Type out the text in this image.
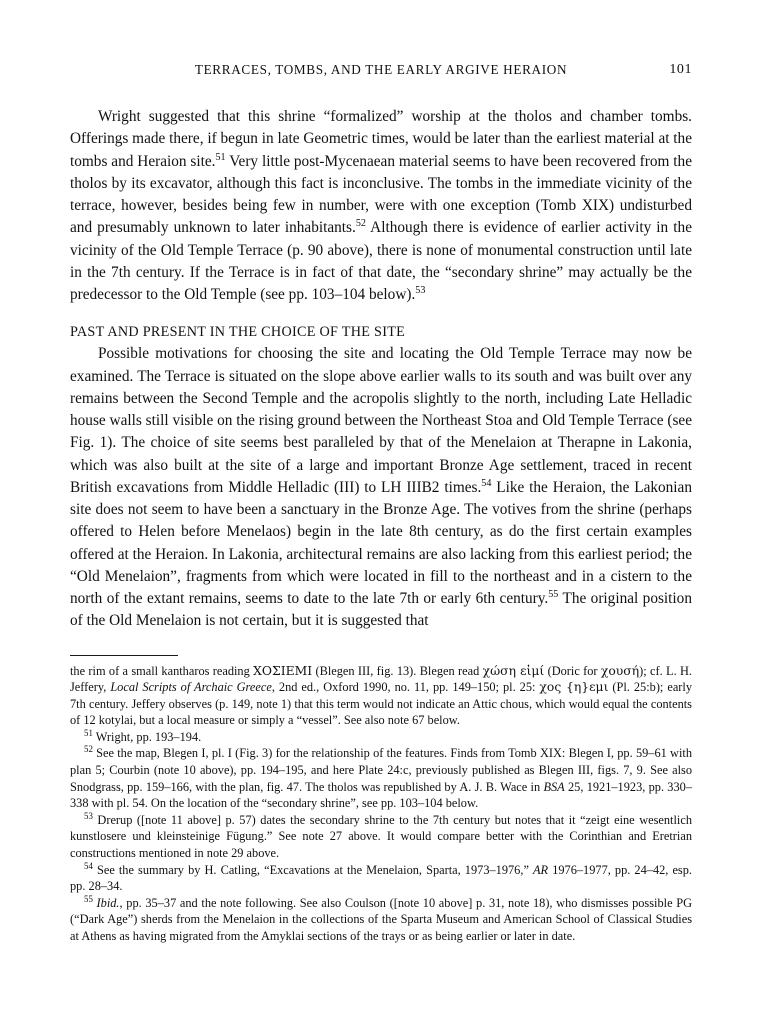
TERRACES, TOMBS, AND THE EARLY ARGIVE HERAION	101

Wright suggested that this shrine “formalized” worship at the tholos and chamber tombs. Offerings made there, if begun in late Geometric times, would be later than the earliest material at the tombs and Heraion site.$^{51}$ Very little post-Mycenaean material seems to have been recovered from the tholos by its excavator, although this fact is inconclusive. The tombs in the immediate vicinity of the terrace, however, besides being few in number, were with one exception (Tomb XIX) undisturbed and presumably unknown to later inhabitants.$^{52}$ Although there is evidence of earlier activity in the vicinity of the Old Temple Terrace (p. 90 above), there is none of monumental construction until late in the 7th century. If the Terrace is in fact of that date, the “secondary shrine” may actually be the predecessor to the Old Temple (see pp. 103–104 below).$^{53}$

PAST AND PRESENT IN THE CHOICE OF THE SITE

Possible motivations for choosing the site and locating the Old Temple Terrace may now be examined. The Terrace is situated on the slope above earlier walls to its south and was built over any remains between the Second Temple and the acropolis slightly to the north, including Late Helladic house walls still visible on the rising ground between the Northeast Stoa and Old Temple Terrace (see Fig. 1). The choice of site seems best paralleled by that of the Menelaion at Therapne in Lakonia, which was also built at the site of a large and important Bronze Age settlement, traced in recent British excavations from Middle Helladic (III) to LH IIIB2 times.$^{54}$ Like the Heraion, the Lakonian site does not seem to have been a sanctuary in the Bronze Age. The votives from the shrine (perhaps offered to Helen before Menelaos) begin in the late 8th century, as do the first certain examples offered at the Heraion. In Lakonia, architectural remains are also lacking from this earliest period; the “Old Menelaion”, fragments from which were located in fill to the northeast and in a cistern to the north of the extant remains, seems to date to the late 7th or early 6th century.$^{55}$ The original position of the Old Menelaion is not certain, but it is suggested that

the rim of a small kantharos reading ΧΟΣΙΕΜΙ (Blegen III, fig. 13). Blegen read χώση εἰμί (Doric for χουσή); cf. L. H. Jeffery, Local Scripts of Archaic Greece, 2nd ed., Oxford 1990, no. 11, pp. 149–150; pl. 25: χος {η}εμι (Pl. 25:b); early 7th century. Jeffery observes (p. 149, note 1) that this term would not indicate an Attic chous, which would equal the contents of 12 kotylai, but a local measure or simply a “vessel”. See also note 67 below.

$^{51}$ Wright, pp. 193–194.

$^{52}$ See the map, Blegen I, pl. I (Fig. 3) for the relationship of the features. Finds from Tomb XIX: Blegen I, pp. 59–61 with plan 5; Courbin (note 10 above), pp. 194–195, and here Plate 24:c, previously published as Blegen III, figs. 7, 9. See also Snodgrass, pp. 159–166, with the plan, fig. 47. The tholos was republished by A. J. B. Wace in BSA 25, 1921–1923, pp. 330–338 with pl. 54. On the location of the “secondary shrine”, see pp. 103–104 below.

$^{53}$ Drerup ([note 11 above] p. 57) dates the secondary shrine to the 7th century but notes that it “zeigt eine wesentlich kunstlosere und kleinsteinige Fügung.” See note 27 above. It would compare better with the Corinthian and Eretrian constructions mentioned in note 29 above.

$^{54}$ See the summary by H. Catling, “Excavations at the Menelaion, Sparta, 1973–1976,” AR 1976–1977, pp. 24–42, esp. pp. 28–34.

$^{55}$ Ibid., pp. 35–37 and the note following. See also Coulson ([note 10 above] p. 31, note 18), who dismisses possible PG (“Dark Age”) sherds from the Menelaion in the collections of the Sparta Museum and American School of Classical Studies at Athens as having migrated from the Amyklai sections of the trays or as being earlier or later in date.
